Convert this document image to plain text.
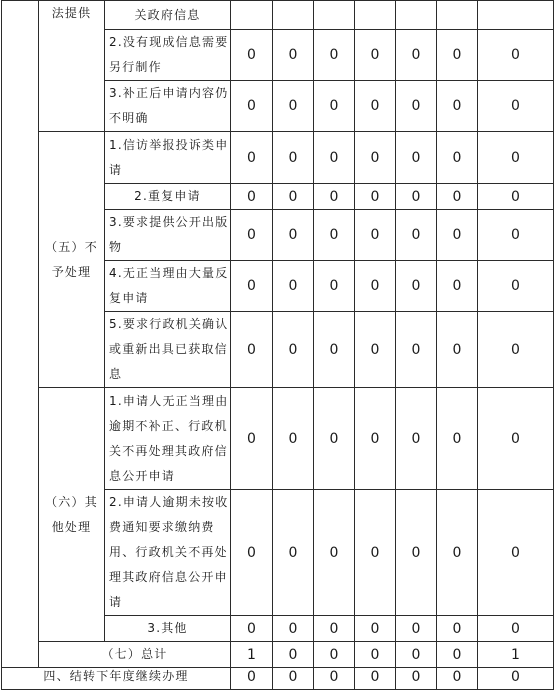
	法提供	关政府信息							
		2.没有现成信息需要另行制作	0	0	0	0	0	0	0
		3.补正后申请内容仍不明确	0	0	0	0	0	0	0
	（五）不予处理	1.信访举报投诉类申请	0	0	0	0	0	0	0
		2.重复申请	0	0	0	0	0	0	0
		3.要求提供公开出版物	0	0	0	0	0	0	0
		4.无正当理由大量反复申请	0	0	0	0	0	0	0
		5.要求行政机关确认或重新出具已获取信息	0	0	0	0	0	0	0
	（六）其他处理	1.申请人无正当理由逾期不补正、行政机关不再处理其政府信息公开申请	0	0	0	0	0	0	0
		2.申请人逾期未按收费通知要求缴纳费用、行政机关不再处理其政府信息公开申请	0	0	0	0	0	0	0
		3.其他	0	0	0	0	0	0	0
	（七）总计		1	0	0	0	0	0	1
四、结转下年度继续办理	0	0	0	0	0	0	0
